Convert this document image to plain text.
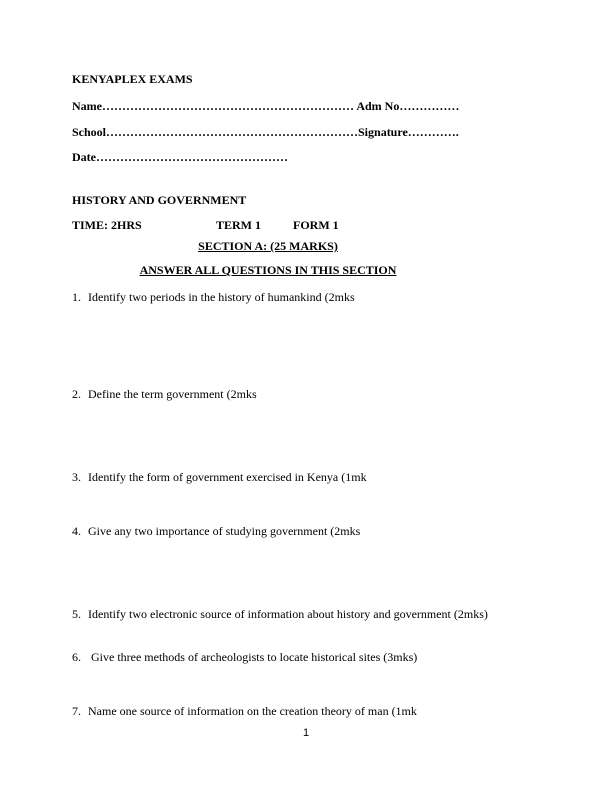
KENYAPLEX EXAMS
Name……………………………………………………… Adm No……………
School………………………………………………………Signature………….
Date…………………………………………
HISTORY AND GOVERNMENT
TIME: 2HRS	TERM 1	FORM 1
SECTION A: (25 MARKS)
ANSWER ALL QUESTIONS IN THIS SECTION
1. Identify two periods in the history of humankind (2mks
2. Define the term government (2mks
3. Identify the form of government exercised in Kenya (1mk
4. Give any two importance of studying government (2mks
5. Identify two electronic source of information about history and government (2mks)
6. Give three methods of archeologists to locate historical sites (3mks)
7. Name one source of information on the creation theory of man (1mk
1
